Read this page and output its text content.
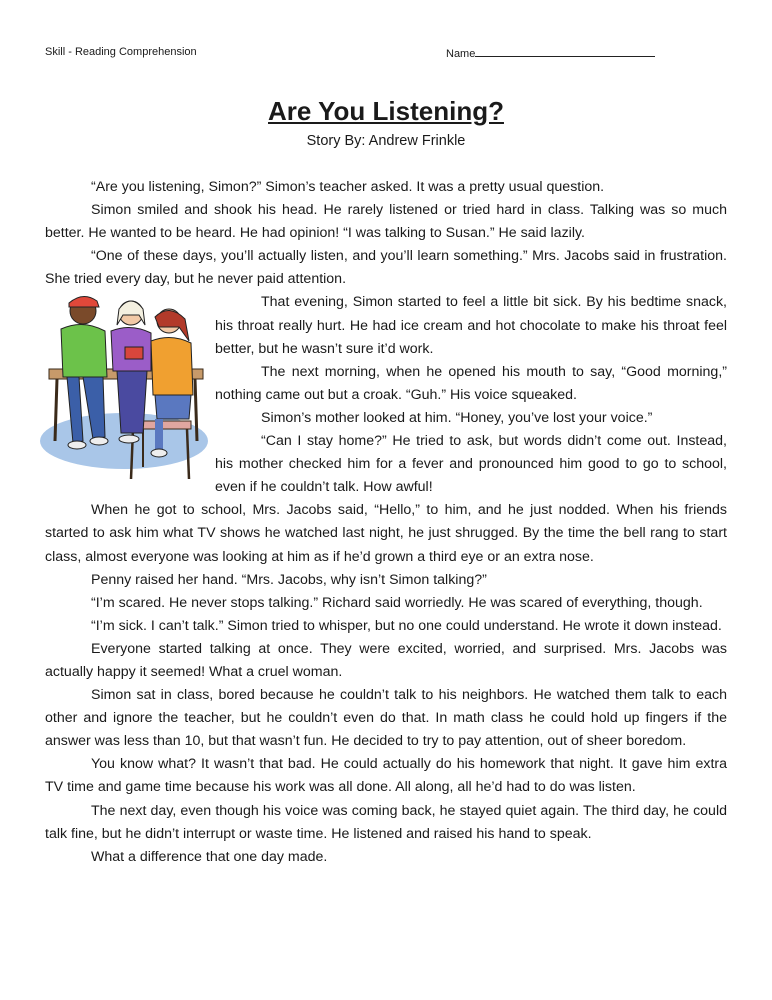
Skill - Reading Comprehension	Name
Are You Listening?
Story By: Andrew Frinkle

“Are you listening, Simon?” Simon’s teacher asked. It was a pretty usual question.

Simon smiled and shook his head. He rarely listened or tried hard in class. Talking was so much better. He wanted to be heard. He had opinion! “I was talking to Susan.” He said lazily.

“One of these days, you’ll actually listen, and you’ll learn something.” Mrs. Jacobs said in frustration. She tried every day, but he never paid attention.

That evening, Simon started to feel a little bit sick. By his bedtime snack, his throat really hurt. He had ice cream and hot chocolate to make his throat feel better, but he wasn’t sure it’d work.

The next morning, when he opened his mouth to say, “Good morning,” nothing came out but a croak. “Guh.” His voice squeaked.

Simon’s mother looked at him. “Honey, you’ve lost your voice.”

“Can I stay home?” He tried to ask, but words didn’t come out. Instead, his mother checked him for a fever and pronounced him good to go to school, even if he couldn’t talk. How awful!

When he got to school, Mrs. Jacobs said, “Hello,” to him, and he just nodded. When his friends started to ask him what TV shows he watched last night, he just shrugged. By the time the bell rang to start class, almost everyone was looking at him as if he’d grown a third eye or an extra nose.

Penny raised her hand. “Mrs. Jacobs, why isn’t Simon talking?”

“I’m scared. He never stops talking.” Richard said worriedly. He was scared of everything, though.

“I’m sick. I can’t talk.” Simon tried to whisper, but no one could understand. He wrote it down instead.

Everyone started talking at once. They were excited, worried, and surprised. Mrs. Jacobs was actually happy it seemed! What a cruel woman.

Simon sat in class, bored because he couldn’t talk to his neighbors. He watched them talk to each other and ignore the teacher, but he couldn’t even do that. In math class he could hold up fingers if the answer was less than 10, but that wasn’t fun. He decided to try to pay attention, out of sheer boredom.

You know what? It wasn’t that bad. He could actually do his homework that night. It gave him extra TV time and game time because his work was all done. All along, all he’d had to do was listen.

The next day, even though his voice was coming back, he stayed quiet again. The third day, he could talk fine, but he didn’t interrupt or waste time. He listened and raised his hand to speak.

What a difference that one day made.
